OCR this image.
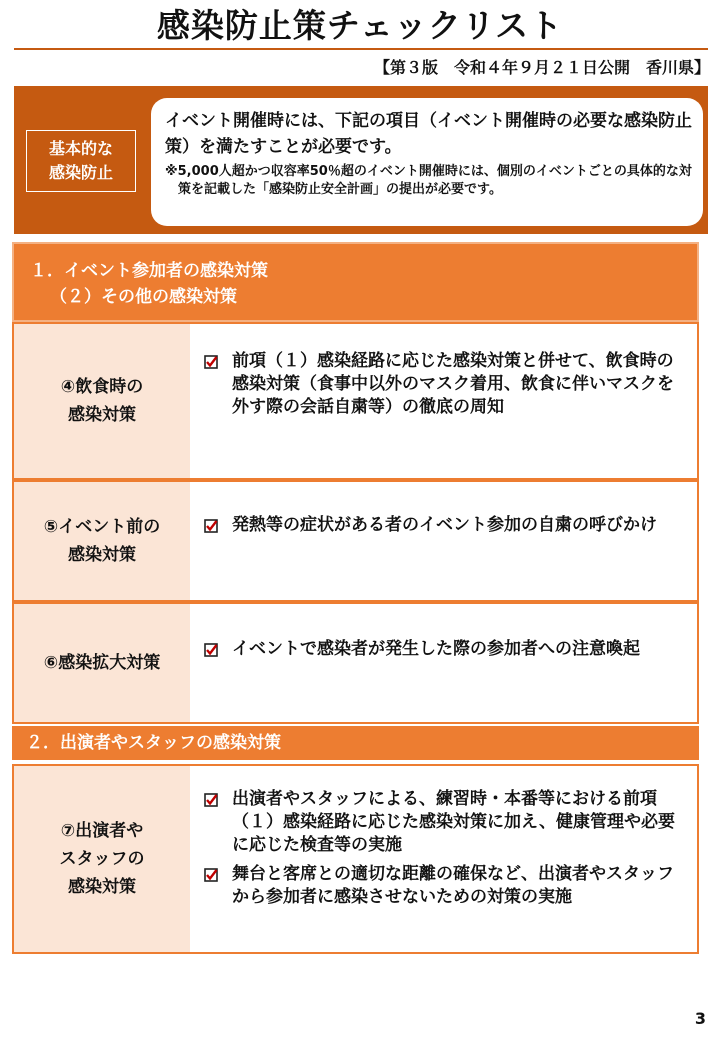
感染防止策チェックリスト
【第３版　令和４年９月２１日公開　香川県】
基本的な
感染防止
イベント開催時には、下記の項目（イベント開催時の必要な感染防止策）を満たすことが必要です。
※5,000人超かつ収容率50％超のイベント開催時には、個別のイベントごとの具体的な対策を記載した「感染防止安全計画」の提出が必要です。
１．イベント参加者の感染対策
（２）その他の感染対策
④飲食時の
感染対策
前項（１）感染経路に応じた感染対策と併せて、飲食時の感染対策（食事中以外のマスク着用、飲食に伴いマスクを外す際の会話自粛等）の徹底の周知
⑤イベント前の
感染対策
発熱等の症状がある者のイベント参加の自粛の呼びかけ
⑥感染拡大対策
イベントで感染者が発生した際の参加者への注意喚起
２．出演者やスタッフの感染対策
⑦出演者や
スタッフの
感染対策
出演者やスタッフによる、練習時・本番等における前項（１）感染経路に応じた感染対策に加え、健康管理や必要に応じた検査等の実施
舞台と客席との適切な距離の確保など、出演者やスタッフから参加者に感染させないための対策の実施
3
